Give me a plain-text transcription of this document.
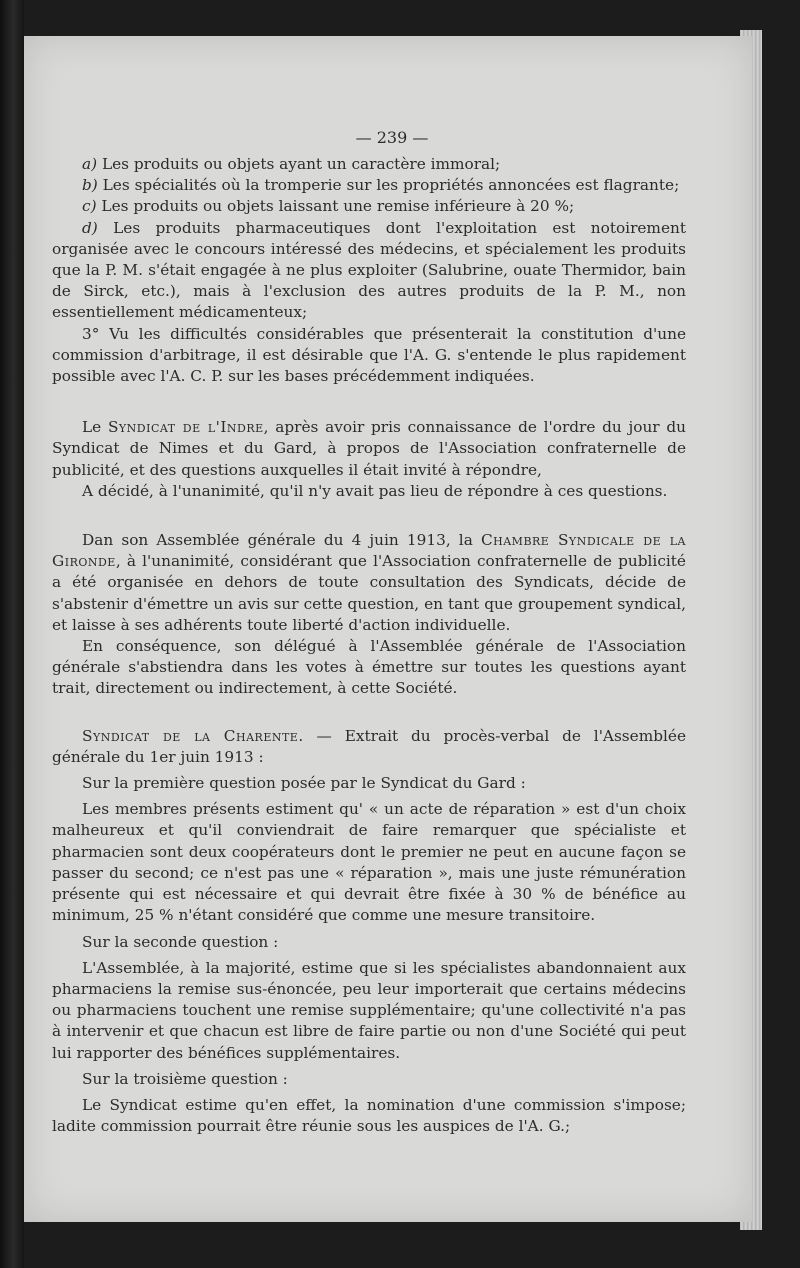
— 239 —

a) Les produits ou objets ayant un caractère immoral;

b) Les spécialités où la tromperie sur les propriétés annoncées est flagrante;

c) Les produits ou objets laissant une remise inférieure à 20 %;

d) Les produits pharmaceutiques dont l'exploitation est notoirement organisée avec le concours intéressé des médecins, et spécialement les produits que la P. M. s'était engagée à ne plus exploiter (Salubrine, ouate Thermidor, bain de Sirck, etc.), mais à l'exclusion des autres produits de la P. M., non essentiellement médicamenteux;

3° Vu les difficultés considérables que présenterait la constitution d'une commission d'arbitrage, il est désirable que l'A. G. s'entende le plus rapidement possible avec l'A. C. P. sur les bases précédemment indiquées.

Le Syndicat de l'Indre, après avoir pris connaissance de l'ordre du jour du Syndicat de Nimes et du Gard, à propos de l'Association confraternelle de publicité, et des questions auxquelles il était invité à répondre,

A décidé, à l'unanimité, qu'il n'y avait pas lieu de répondre à ces questions.

Dan son Assemblée générale du 4 juin 1913, la Chambre Syndicale de la Gironde, à l'unanimité, considérant que l'Association confraternelle de publicité a été organisée en dehors de toute consultation des Syndicats, décide de s'abstenir d'émettre un avis sur cette question, en tant que groupement syndical, et laisse à ses adhérents toute liberté d'action individuelle.

En conséquence, son délégué à l'Assemblée générale de l'Association générale s'abstiendra dans les votes à émettre sur toutes les questions ayant trait, directement ou indirectement, à cette Société.

Syndicat de la Charente. — Extrait du procès-verbal de l'Assemblée générale du 1er juin 1913 :

Sur la première question posée par le Syndicat du Gard :

Les membres présents estiment qu' « un acte de réparation » est d'un choix malheureux et qu'il conviendrait de faire remarquer que spécialiste et pharmacien sont deux coopérateurs dont le premier ne peut en aucune façon se passer du second; ce n'est pas une « réparation », mais une juste rémunération présente qui est nécessaire et qui devrait être fixée à 30 % de bénéfice au minimum, 25 % n'étant considéré que comme une mesure transitoire.

Sur la seconde question :

L'Assemblée, à la majorité, estime que si les spécialistes abandonnaient aux pharmaciens la remise sus-énoncée, peu leur importerait que certains médecins ou pharmaciens touchent une remise supplémentaire; qu'une collectivité n'a pas à intervenir et que chacun est libre de faire partie ou non d'une Société qui peut lui rapporter des bénéfices supplémentaires.

Sur la troisième question :

Le Syndicat estime qu'en effet, la nomination d'une commission s'impose; ladite commission pourrait être réunie sous les auspices de l'A. G.;
